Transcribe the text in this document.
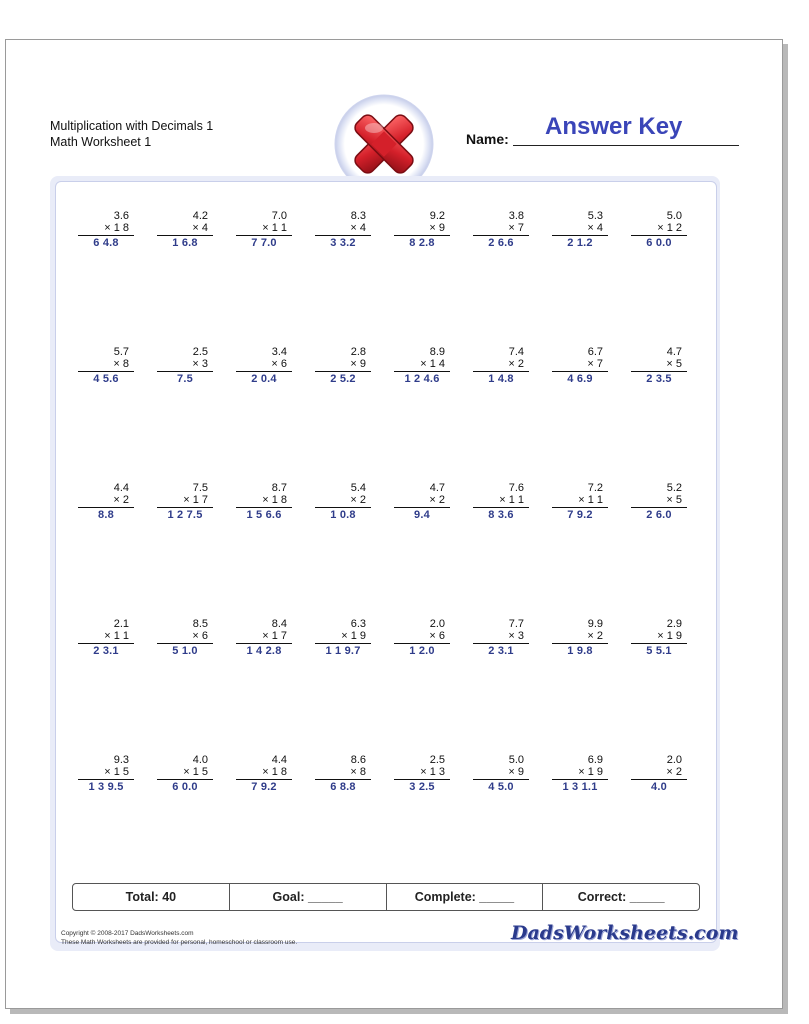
Multiplication with Decimals 1
Math Worksheet 1	Name: Answer Key
3.6
× 1 8
6 4.8
4.2
× 4
1 6.8
7.0
× 1 1
7 7.0
8.3
× 4
3 3.2
9.2
× 9
8 2.8
3.8
× 7
2 6.6
5.3
× 4
2 1.2
5.0
× 1 2
6 0.0
5.7
× 8
4 5.6
2.5
× 3
7.5
3.4
× 6
2 0.4
2.8
× 9
2 5.2
8.9
× 1 4
1 2 4.6
7.4
× 2
1 4.8
6.7
× 7
4 6.9
4.7
× 5
2 3.5
4.4
× 2
8.8
7.5
× 1 7
1 2 7.5
8.7
× 1 8
1 5 6.6
5.4
× 2
1 0.8
4.7
× 2
9.4
7.6
× 1 1
8 3.6
7.2
× 1 1
7 9.2
5.2
× 5
2 6.0
2.1
× 1 1
2 3.1
8.5
× 6
5 1.0
8.4
× 1 7
1 4 2.8
6.3
× 1 9
1 1 9.7
2.0
× 6
1 2.0
7.7
× 3
2 3.1
9.9
× 2
1 9.8
2.9
× 1 9
5 5.1
9.3
× 1 5
1 3 9.5
4.0
× 1 5
6 0.0
4.4
× 1 8
7 9.2
8.6
× 8
6 8.8
2.5
× 1 3
3 2.5
5.0
× 9
4 5.0
6.9
× 1 9
1 3 1.1
2.0
× 2
4.0
Total: 40	Goal: _____	Complete: _____	Correct: _____
Copyright © 2008-2017 DadsWorksheets.com
These Math Worksheets are provided for personal, homeschool or classroom use.	DadsWorksheets.com
